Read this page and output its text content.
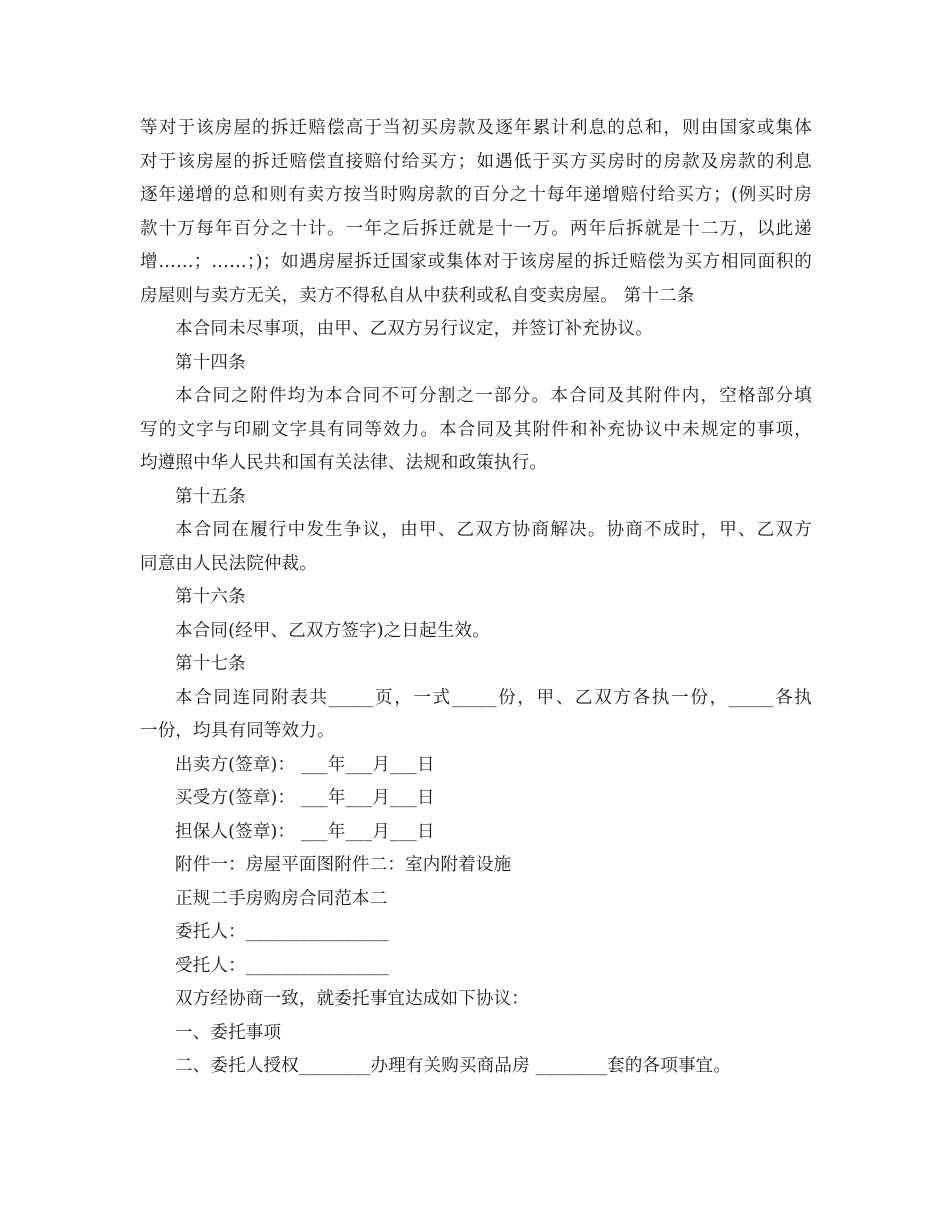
等对于该房屋的拆迁赔偿高于当初买房款及逐年累计利息的总和，则由国家或集体
对于该房屋的拆迁赔偿直接赔付给买方；如遇低于买方买房时的房款及房款的利息
逐年递增的总和则有卖方按当时购房款的百分之十每年递增赔付给买方；(例买时房
款十万每年百分之十计。一年之后拆迁就是十一万。两年后拆就是十二万，以此递
增……；……；)；如遇房屋拆迁国家或集体对于该房屋的拆迁赔偿为买方相同面积的
房屋则与卖方无关，卖方不得私自从中获利或私自变卖房屋。 第十二条
本合同未尽事项，由甲、乙双方另行议定，并签订补充协议。
第十四条
本合同之附件均为本合同不可分割之一部分。本合同及其附件内，空格部分填
写的文字与印刷文字具有同等效力。本合同及其附件和补充协议中未规定的事项，
均遵照中华人民共和国有关法律、法规和政策执行。
第十五条
本合同在履行中发生争议，由甲、乙双方协商解决。协商不成时，甲、乙双方
同意由人民法院仲裁。
第十六条
本合同(经甲、乙双方签字)之日起生效。
第十七条
本合同连同附表共_____页，一式_____份，甲、乙双方各执一份，_____各执
一份，均具有同等效力。
出卖方(签章)： ___年___月___日
买受方(签章)： ___年___月___日
担保人(签章)： ___年___月___日
附件一：房屋平面图附件二：室内附着设施
正规二手房购房合同范本二
委托人：________________
受托人：________________
双方经协商一致，就委托事宜达成如下协议：
一、委托事项
二、委托人授权________办理有关购买商品房 ________套的各项事宜。
